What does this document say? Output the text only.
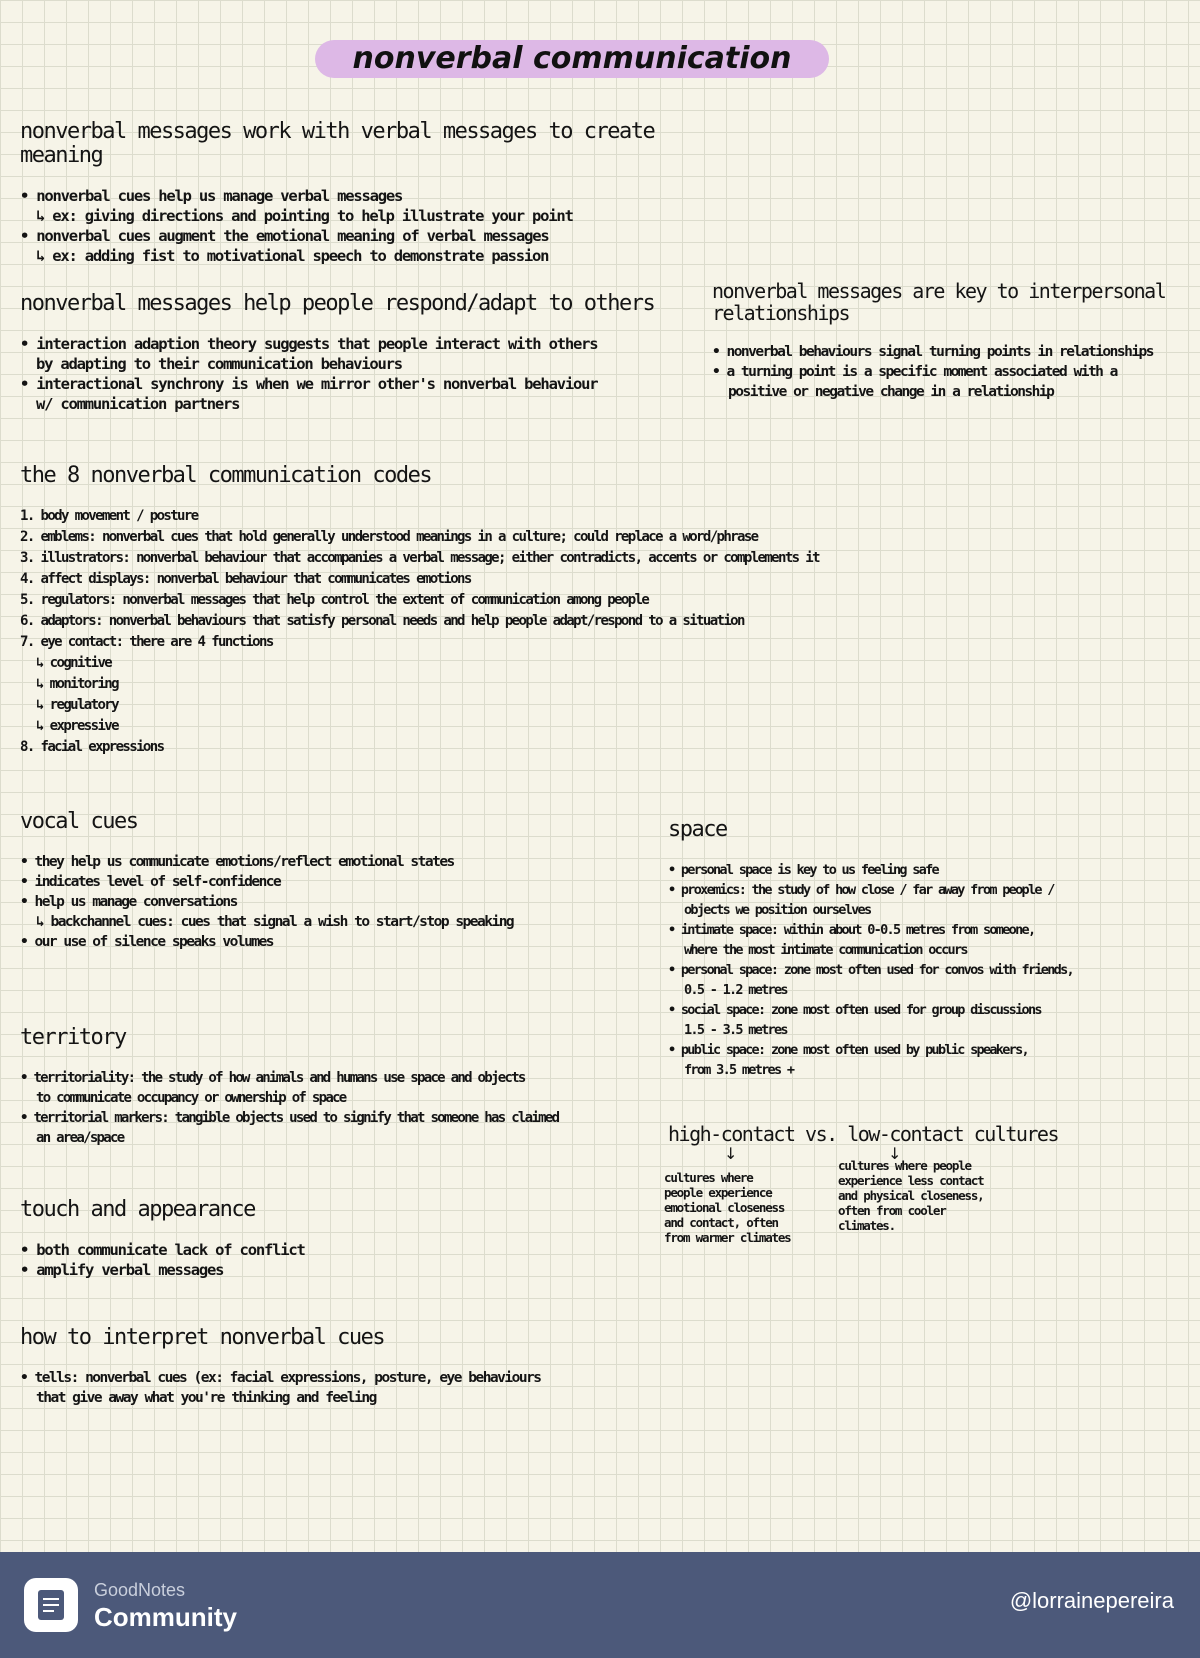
nonverbal communication
nonverbal messages work with verbal messages to create meaning

• nonverbal cues help us manage verbal messages

↳ ex: giving directions and pointing to help illustrate your point

• nonverbal cues augment the emotional meaning of verbal messages

↳ ex: adding fist to motivational speech to demonstrate passion

nonverbal messages help people respond/adapt to others

• interaction adaption theory suggests that people interact with others

by adapting to their communication behaviours

• interactional synchrony is when we mirror other's nonverbal behaviour

w/ communication partners

nonverbal messages are key to interpersonal relationships

• nonverbal behaviours signal turning points in relationships

• a turning point is a specific moment associated with a

positive or negative change in a relationship

the 8 nonverbal communication codes

1. body movement / posture

2. emblems: nonverbal cues that hold generally understood meanings in a culture; could replace a word/phrase

3. illustrators: nonverbal behaviour that accompanies a verbal message; either contradicts, accents or complements it

4. affect displays: nonverbal behaviour that communicates emotions

5. regulators: nonverbal messages that help control the extent of communication among people

6. adaptors: nonverbal behaviours that satisfy personal needs and help people adapt/respond to a situation

7. eye contact: there are 4 functions

↳ cognitive

↳ monitoring

↳ regulatory

↳ expressive

8. facial expressions

vocal cues

• they help us communicate emotions/reflect emotional states

• indicates level of self-confidence

• help us manage conversations

↳ backchannel cues: cues that signal a wish to start/stop speaking

• our use of silence speaks volumes

territory

• territoriality: the study of how animals and humans use space and objects

to communicate occupancy or ownership of space

• territorial markers: tangible objects used to signify that someone has claimed

an area/space

touch and appearance

• both communicate lack of conflict

• amplify verbal messages

how to interpret nonverbal cues

• tells: nonverbal cues (ex: facial expressions, posture, eye behaviours

that give away what you're thinking and feeling

space

• personal space is key to us feeling safe

• proxemics: the study of how close / far away from people /

objects we position ourselves

• intimate space: within about 0-0.5 metres from someone,

where the most intimate communication occurs

• personal space: zone most often used for convos with friends,

0.5 - 1.2 metres

• social space: zone most often used for group discussions

1.5 - 3.5 metres

• public space: zone most often used by public speakers,

from 3.5 metres +

high-contact vs. low-contact cultures
↓	↓
cultures where
people experience
emotional closeness
and contact, often
from warmer climates
cultures where people
experience less contact
and physical closeness,
often from cooler
climates.
GoodNotes
Community
@lorrainepereira
